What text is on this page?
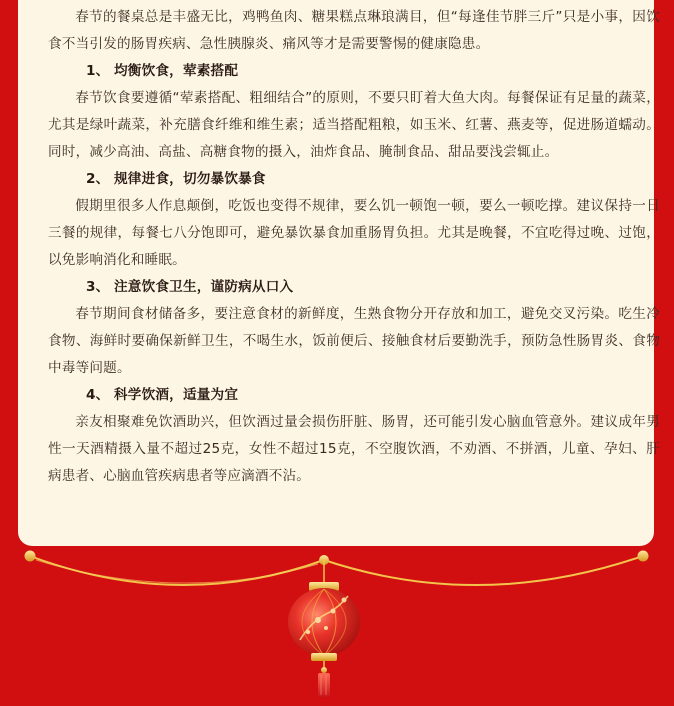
春节的餐桌总是丰盛无比，鸡鸭鱼肉、糖果糕点琳琅满目，但“每逢佳节胖三斤”只是小事，因饮食不当引发的肠胃疾病、急性胰腺炎、痛风等才是需要警惕的健康隐患。

1、 均衡饮食，荤素搭配

春节饮食要遵循“荤素搭配、粗细结合”的原则，不要只盯着大鱼大肉。每餐保证有足量的蔬菜，尤其是绿叶蔬菜，补充膳食纤维和维生素；适当搭配粗粮，如玉米、红薯、燕麦等，促进肠道蠕动。同时，减少高油、高盐、高糖食物的摄入，油炸食品、腌制食品、甜品要浅尝辄止。

2、 规律进食，切勿暴饮暴食

假期里很多人作息颠倒，吃饭也变得不规律，要么饥一顿饱一顿，要么一顿吃撑。建议保持一日三餐的规律，每餐七八分饱即可，避免暴饮暴食加重肠胃负担。尤其是晚餐，不宜吃得过晚、过饱，以免影响消化和睡眠。

3、 注意饮食卫生，谨防病从口入

春节期间食材储备多，要注意食材的新鲜度，生熟食物分开存放和加工，避免交叉污染。吃生冷食物、海鲜时要确保新鲜卫生，不喝生水，饭前便后、接触食材后要勤洗手，预防急性肠胃炎、食物中毒等问题。

4、 科学饮酒，适量为宜

亲友相聚难免饮酒助兴，但饮酒过量会损伤肝脏、肠胃，还可能引发心脑血管意外。建议成年男性一天酒精摄入量不超过25克，女性不超过15克，不空腹饮酒，不劝酒、不拼酒，儿童、孕妇、肝病患者、心脑血管疾病患者等应滴酒不沾。
